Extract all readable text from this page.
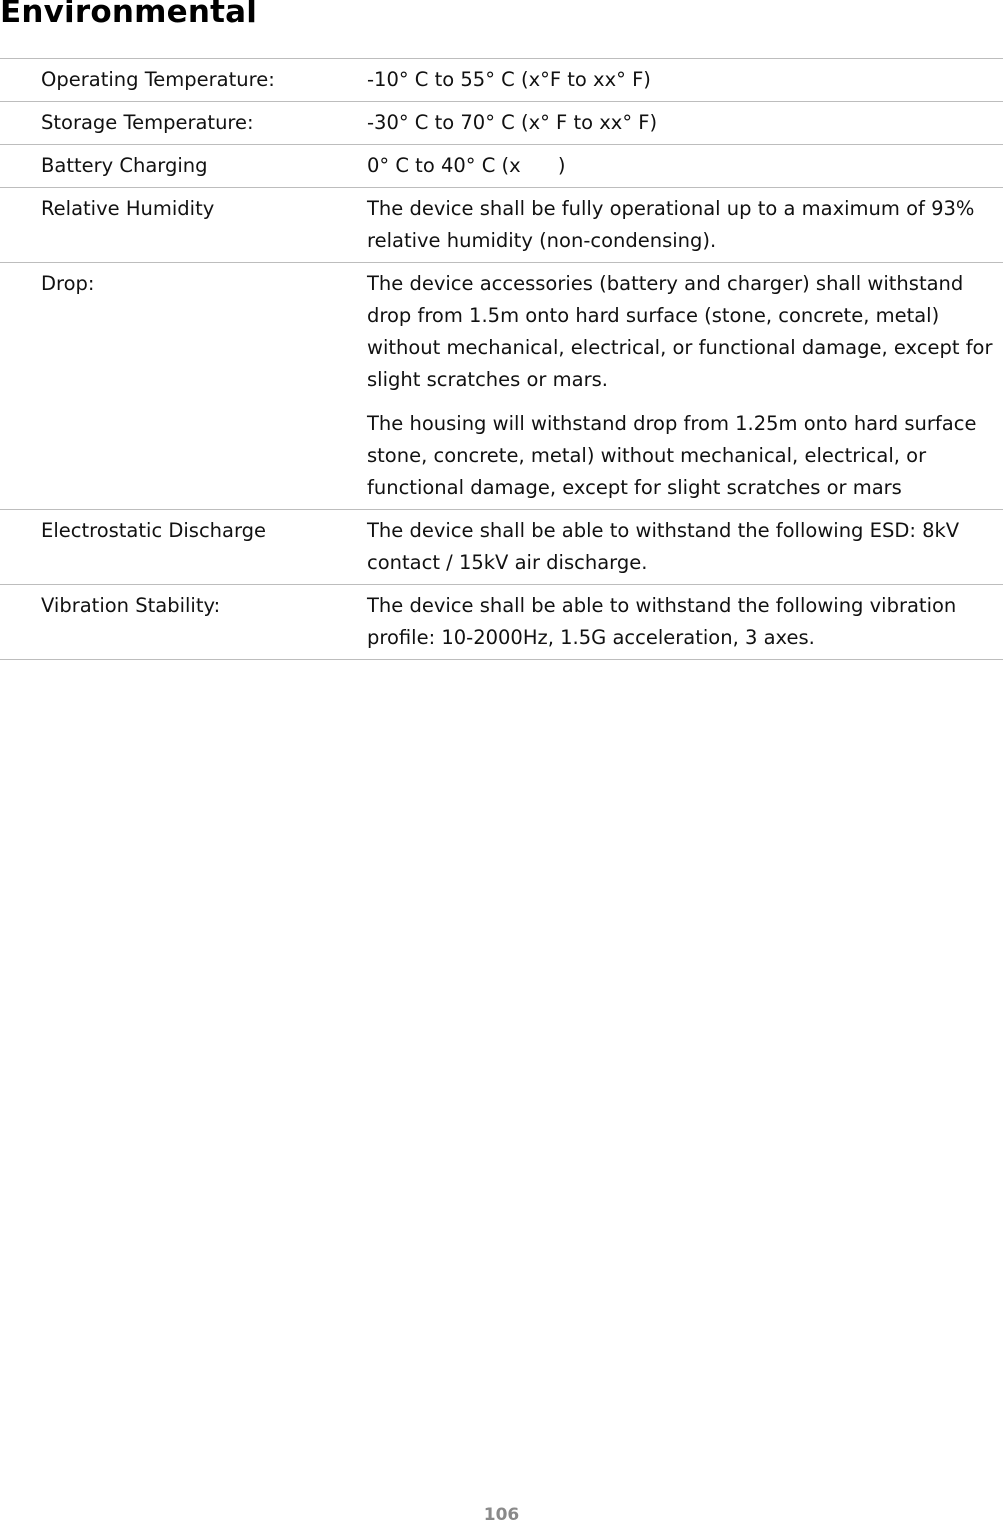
Environmental
Operating Temperature:	-10° C to 55° C (x°F to xx° F)

Storage Temperature:	-30° C to 70° C (x° F to xx° F)

Battery Charging	0° C to 40° C (x      )

Relative Humidity	The device shall be fully operational up to a maximum of 93% relative humidity (non-condensing).

Drop:	The device accessories (battery and charger) shall withstand drop from 1.5m onto hard surface (stone, concrete, metal) without mechanical, electrical, or functional damage, except for slight scratches or mars.

The housing will withstand drop from 1.25m onto hard surface stone, concrete, metal) without mechanical, electrical, or functional damage, except for slight scratches or mars

Electrostatic Discharge	The device shall be able to withstand the following ESD: 8kV contact / 15kV air discharge.

Vibration Stability:	The device shall be able to withstand the following vibration profile: 10-2000Hz, 1.5G acceleration, 3 axes.

106
